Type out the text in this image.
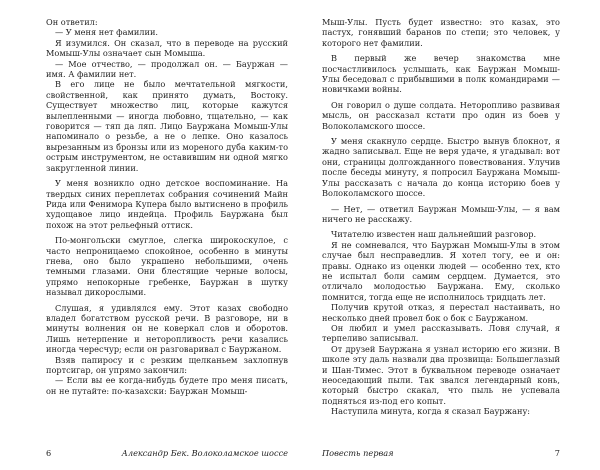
Он ответил:

— У меня нет фамилии.

Я изумился. Он сказал, что в переводе на русский Момыш-Улы означает сын Момыша.

— Мое отчество, — продолжал он. — Бауржан — имя. А фамилии нет.

В его лице не было мечтательной мягкости, свойственной, как принято думать, Востоку. Существует множество лиц, которые кажутся вылепленными — иногда любовно, тщательно, — как говорится — тяп да ляп. Лицо Бауржана Момыш-Улы напоминало о резьбе, а не о лепке. Оно казалось вырезанным из бронзы или из мореного дуба каким-то острым инструментом, не оставившим ни одной мягко закругленной линии.

У меня возникло одно детское воспоминание. На твердых синих переплетах собрания сочинений Майн Рида или Фенимора Купера было вытиснено в профиль худощавое лицо индейца. Профиль Бауржана был похож на этот рельефный оттиск.

По-монгольски смуглое, слегка широкоскулое, с часто непроницаемо спокойное, особенно в минуты гнева, оно было украшено небольшими, очень темными глазами. Они блестящие черные волосы, упрямо непокорные гребенке, Бауржан в шутку называл дикорослыми.

Слушая, я удивлялся ему. Этот казах свободно владел богатством русской речи. В разговоре, ни в минуты волнения он не коверкал слов и оборотов. Лишь нетерпение и неторопливость речи казались иногда чересчур; если он разговаривал с Бауржаном.

Взяв папиросу и с резким щелканьем захлопнув портсигар, он упрямо закончил:

— Если вы ее когда-нибудь будете про меня писать, он не путайте: по-казахски: Бауржан Момыш-

6	Александр Бек. Волоколамское шоссе

Мыш-Улы. Пусть будет известно: это казах, это пастух, гонявший баранов по степи; это человек, у которого нет фамилии.

В первый же вечер знакомства мне посчастливилось услышать, как Бауржан Момыш-Улы беседовал с прибывшими в полк командирами — новичками войны.

Он говорил о душе солдата. Неторопливо развивая мысль, он рассказал кстати про один из боев у Волоколамского шоссе.

У меня скакнуло сердце. Быстро вынув блокнот, я жадно записывал. Еще не веря удаче, я угадывал: вот они, страницы долгожданного повествования. Улучив после беседы минуту, я попросил Бауржана Момыш-Улы рассказать с начала до конца историю боев у Волоколамского шоссе.

— Нет, — ответил Бауржан Момыш-Улы, — я вам ничего не расскажу.

Читателю известен наш дальнейший разговор.

Я не сомневался, что Бауржан Момыш-Улы в этом случае был несправедлив. Я хотел тогу, ее и он: правы. Однако из оценки людей — особенно тех, кто не испытал боли самим сердцем. Думается, это отличало молодостью Бауржана. Ему, сколько помнится, тогда еще не исполнилось тридцать лет.

Получив крутой отказ, я перестал настаивать, но несколько дней провел бок о бок с Бауржаном.

Он любил и умел рассказывать. Ловя случай, я терпеливо записывал.

От друзей Бауржана я узнал историю его жизни. В школе эту даль назвали два прозвища: Большеглазый и Шан-Тимес. Этот в буквальном переводе означает неоседающий пыли. Так звался легендарный конь, который быстро скакал, что пыль не успевала подняться из-под его копыт.

Наступила минута, когда я сказал Бауржану:

Повесть первая	7
